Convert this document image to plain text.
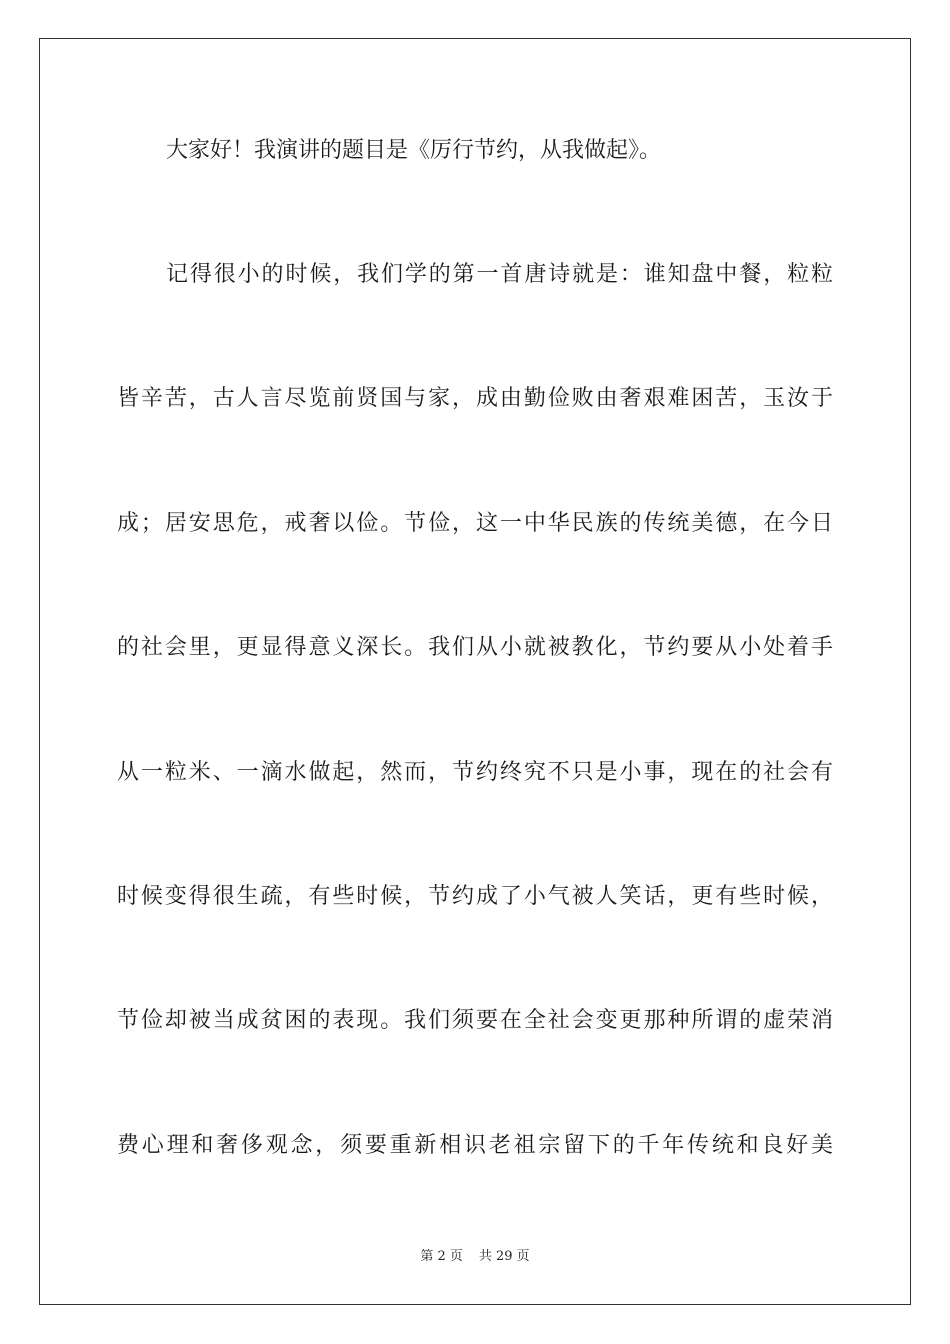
大家好！我演讲的题目是《厉行节约，从我做起》。
记得很小的时候，我们学的第一首唐诗就是：谁知盘中餐，粒粒
皆辛苦，古人言尽览前贤国与家，成由勤俭败由奢艰难困苦，玉汝于
成；居安思危，戒奢以俭。节俭，这一中华民族的传统美德，在今日
的社会里，更显得意义深长。我们从小就被教化，节约要从小处着手
从一粒米、一滴水做起，然而，节约终究不只是小事，现在的社会有
时候变得很生疏，有些时候，节约成了小气被人笑话，更有些时候，
节俭却被当成贫困的表现。我们须要在全社会变更那种所谓的虚荣消
费心理和奢侈观念，须要重新相识老祖宗留下的千年传统和良好美
第 2 页 共 29 页
